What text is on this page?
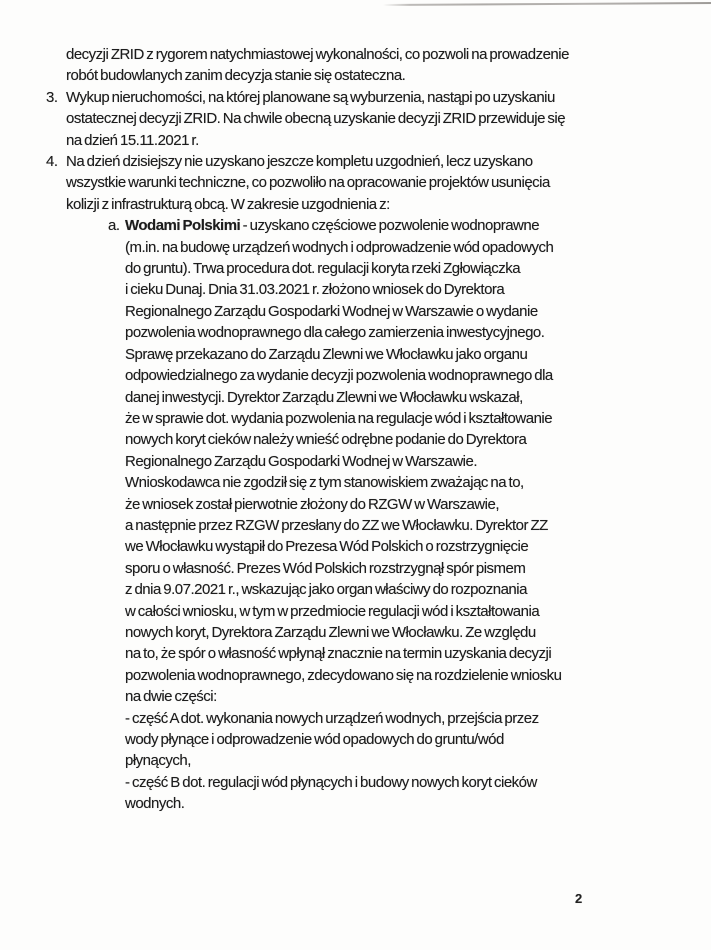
decyzji ZRID z rygorem natychmiastowej wykonalności, co pozwoli na prowadzenie
robót budowlanych zanim decyzja stanie się ostateczna.
3. Wykup nieruchomości, na której planowane są wyburzenia, nastąpi po uzyskaniu
ostatecznej decyzji ZRID. Na chwile obecną uzyskanie decyzji ZRID przewiduje się
na dzień 15.11.2021 r.
4. Na dzień dzisiejszy nie uzyskano jeszcze kompletu uzgodnień, lecz uzyskano
wszystkie warunki techniczne, co pozwoliło na opracowanie projektów usunięcia
kolizji z infrastrukturą obcą. W zakresie uzgodnienia z:
a. Wodami Polskimi - uzyskano częściowe pozwolenie wodnoprawne
(m.in. na budowę urządzeń wodnych i odprowadzenie wód opadowych
do gruntu). Trwa procedura dot. regulacji koryta rzeki Zgłowiączka
i cieku Dunaj. Dnia 31.03.2021 r. złożono wniosek do Dyrektora
Regionalnego Zarządu Gospodarki Wodnej w Warszawie o wydanie
pozwolenia wodnoprawnego dla całego zamierzenia inwestycyjnego.
Sprawę przekazano do Zarządu Zlewni we Włocławku jako organu
odpowiedzialnego za wydanie decyzji pozwolenia wodnoprawnego dla
danej inwestycji. Dyrektor Zarządu Zlewni we Włocławku wskazał,
że w sprawie dot. wydania pozwolenia na regulacje wód i kształtowanie
nowych koryt cieków należy wnieść odrębne podanie do Dyrektora
Regionalnego Zarządu Gospodarki Wodnej w Warszawie.
Wnioskodawca nie zgodził się z tym stanowiskiem zważając na to,
że wniosek został pierwotnie złożony do RZGW w Warszawie,
a następnie przez RZGW przesłany do ZZ we Włocławku. Dyrektor ZZ
we Włocławku wystąpił do Prezesa Wód Polskich o rozstrzygnięcie
sporu o własność. Prezes Wód Polskich rozstrzygnął spór pismem
z dnia 9.07.2021 r., wskazując jako organ właściwy do rozpoznania
w całości wniosku, w tym w przedmiocie regulacji wód i kształtowania
nowych koryt, Dyrektora Zarządu Zlewni we Włocławku. Ze względu
na to, że spór o własność wpłynął znacznie na termin uzyskania decyzji
pozwolenia wodnoprawnego, zdecydowano się na rozdzielenie wniosku
na dwie części:
- część A dot. wykonania nowych urządzeń wodnych, przejścia przez
wody płynące i odprowadzenie wód opadowych do gruntu/wód
płynących,
- część B dot. regulacji wód płynących i budowy nowych koryt cieków
wodnych.
2
